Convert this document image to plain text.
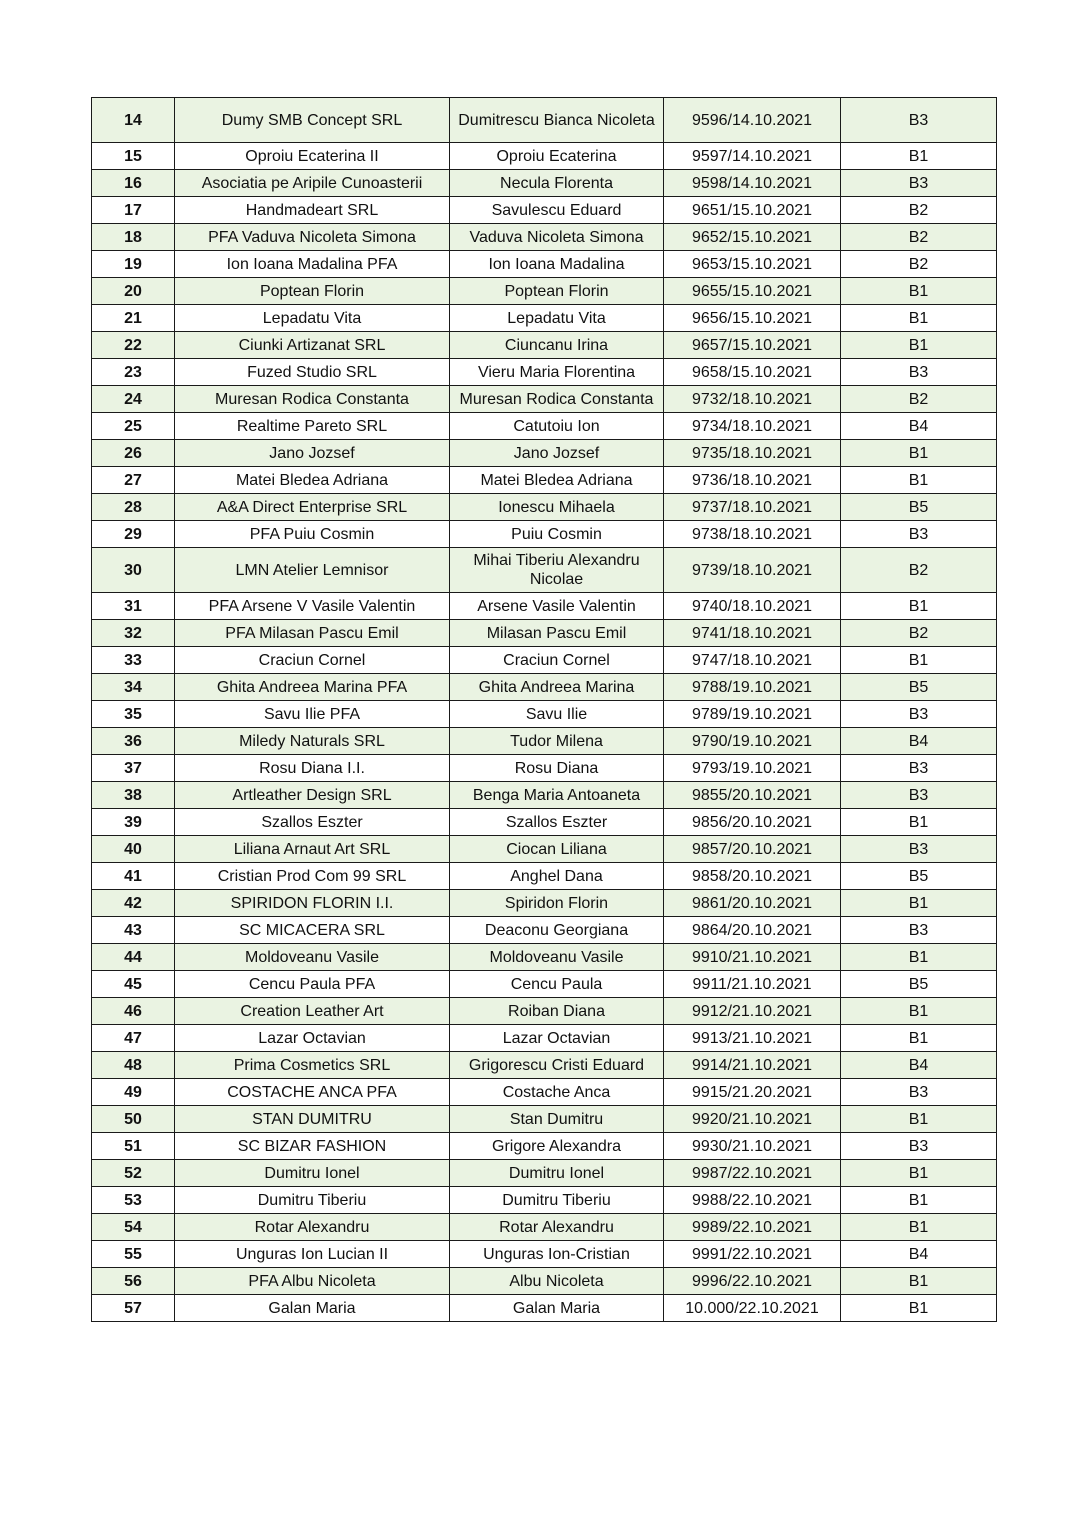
14	Dumy SMB Concept SRL	Dumitrescu Bianca Nicoleta	9596/14.10.2021	B3
15	Oproiu Ecaterina II	Oproiu Ecaterina	9597/14.10.2021	B1
16	Asociatia pe Aripile Cunoasterii	Necula Florenta	9598/14.10.2021	B3
17	Handmadeart SRL	Savulescu Eduard	9651/15.10.2021	B2
18	PFA Vaduva Nicoleta Simona	Vaduva Nicoleta Simona	9652/15.10.2021	B2
19	Ion Ioana Madalina PFA	Ion Ioana Madalina	9653/15.10.2021	B2
20	Poptean Florin	Poptean Florin	9655/15.10.2021	B1
21	Lepadatu Vita	Lepadatu Vita	9656/15.10.2021	B1
22	Ciunki Artizanat SRL	Ciuncanu Irina	9657/15.10.2021	B1
23	Fuzed Studio SRL	Vieru Maria Florentina	9658/15.10.2021	B3
24	Muresan Rodica Constanta	Muresan Rodica Constanta	9732/18.10.2021	B2
25	Realtime Pareto SRL	Catutoiu Ion	9734/18.10.2021	B4
26	Jano Jozsef	Jano Jozsef	9735/18.10.2021	B1
27	Matei Bledea Adriana	Matei Bledea Adriana	9736/18.10.2021	B1
28	A&A Direct Enterprise SRL	Ionescu Mihaela	9737/18.10.2021	B5
29	PFA Puiu Cosmin	Puiu Cosmin	9738/18.10.2021	B3
30	LMN Atelier Lemnisor	Mihai Tiberiu Alexandru Nicolae	9739/18.10.2021	B2
31	PFA Arsene V Vasile Valentin	Arsene Vasile Valentin	9740/18.10.2021	B1
32	PFA Milasan Pascu Emil	Milasan Pascu Emil	9741/18.10.2021	B2
33	Craciun Cornel	Craciun Cornel	9747/18.10.2021	B1
34	Ghita Andreea Marina PFA	Ghita Andreea Marina	9788/19.10.2021	B5
35	Savu Ilie PFA	Savu Ilie	9789/19.10.2021	B3
36	Miledy Naturals SRL	Tudor Milena	9790/19.10.2021	B4
37	Rosu Diana I.I.	Rosu Diana	9793/19.10.2021	B3
38	Artleather Design SRL	Benga Maria Antoaneta	9855/20.10.2021	B3
39	Szallos Eszter	Szallos Eszter	9856/20.10.2021	B1
40	Liliana Arnaut Art SRL	Ciocan Liliana	9857/20.10.2021	B3
41	Cristian Prod Com 99 SRL	Anghel Dana	9858/20.10.2021	B5
42	SPIRIDON FLORIN I.I.	Spiridon Florin	9861/20.10.2021	B1
43	SC MICACERA SRL	Deaconu Georgiana	9864/20.10.2021	B3
44	Moldoveanu Vasile	Moldoveanu Vasile	9910/21.10.2021	B1
45	Cencu Paula PFA	Cencu Paula	9911/21.10.2021	B5
46	Creation Leather Art	Roiban Diana	9912/21.10.2021	B1
47	Lazar Octavian	Lazar Octavian	9913/21.10.2021	B1
48	Prima Cosmetics SRL	Grigorescu Cristi Eduard	9914/21.10.2021	B4
49	COSTACHE ANCA PFA	Costache Anca	9915/21.20.2021	B3
50	STAN DUMITRU	Stan Dumitru	9920/21.10.2021	B1
51	SC BIZAR FASHION	Grigore Alexandra	9930/21.10.2021	B3
52	Dumitru Ionel	Dumitru Ionel	9987/22.10.2021	B1
53	Dumitru Tiberiu	Dumitru Tiberiu	9988/22.10.2021	B1
54	Rotar Alexandru	Rotar Alexandru	9989/22.10.2021	B1
55	Unguras Ion Lucian II	Unguras Ion-Cristian	9991/22.10.2021	B4
56	PFA Albu Nicoleta	Albu Nicoleta	9996/22.10.2021	B1
57	Galan Maria	Galan Maria	10.000/22.10.2021	B1
